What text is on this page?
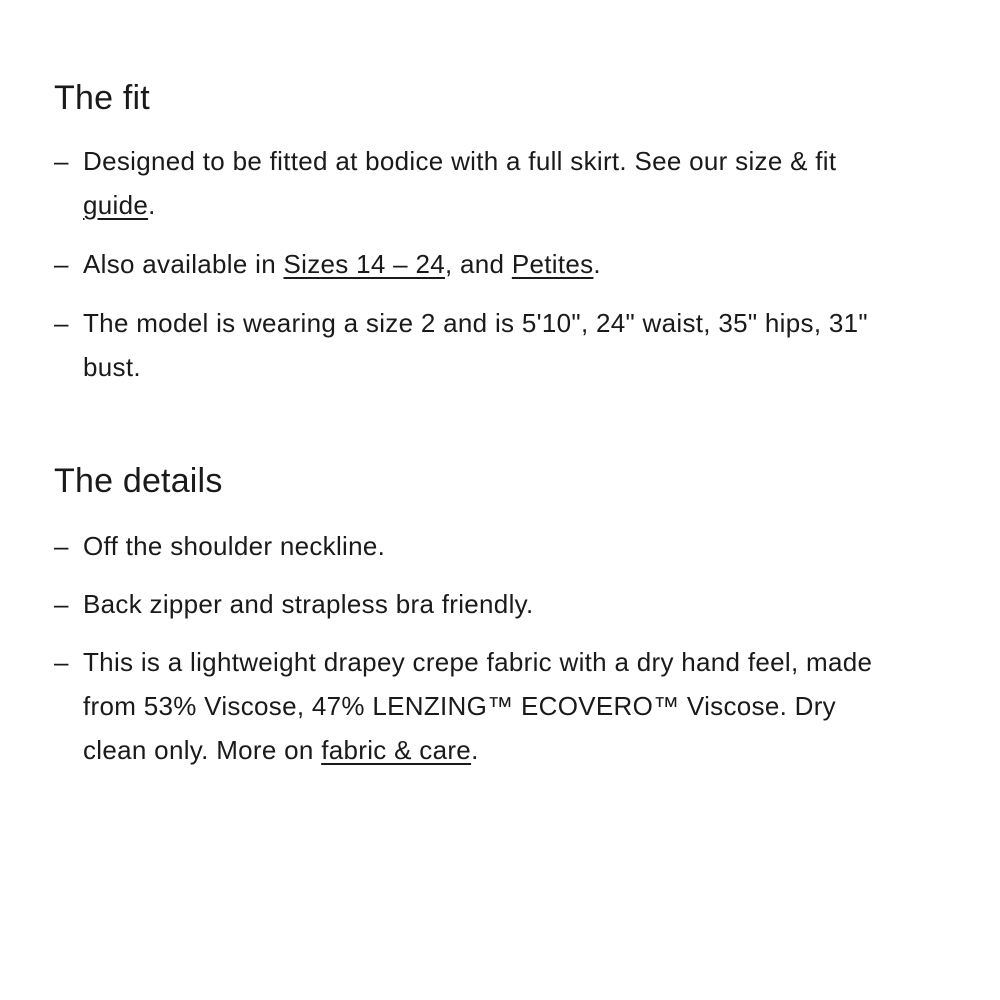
The fit
– Designed to be fitted at bodice with a full skirt. See our size & fit guide.
– Also available in Sizes 14 – 24, and Petites.
– The model is wearing a size 2 and is 5'10", 24" waist, 35" hips, 31" bust.
The details
– Off the shoulder neckline.
– Back zipper and strapless bra friendly.
– This is a lightweight drapey crepe fabric with a dry hand feel, made from 53% Viscose, 47% LENZING™ ECOVERO™ Viscose. Dry clean only. More on fabric & care.
